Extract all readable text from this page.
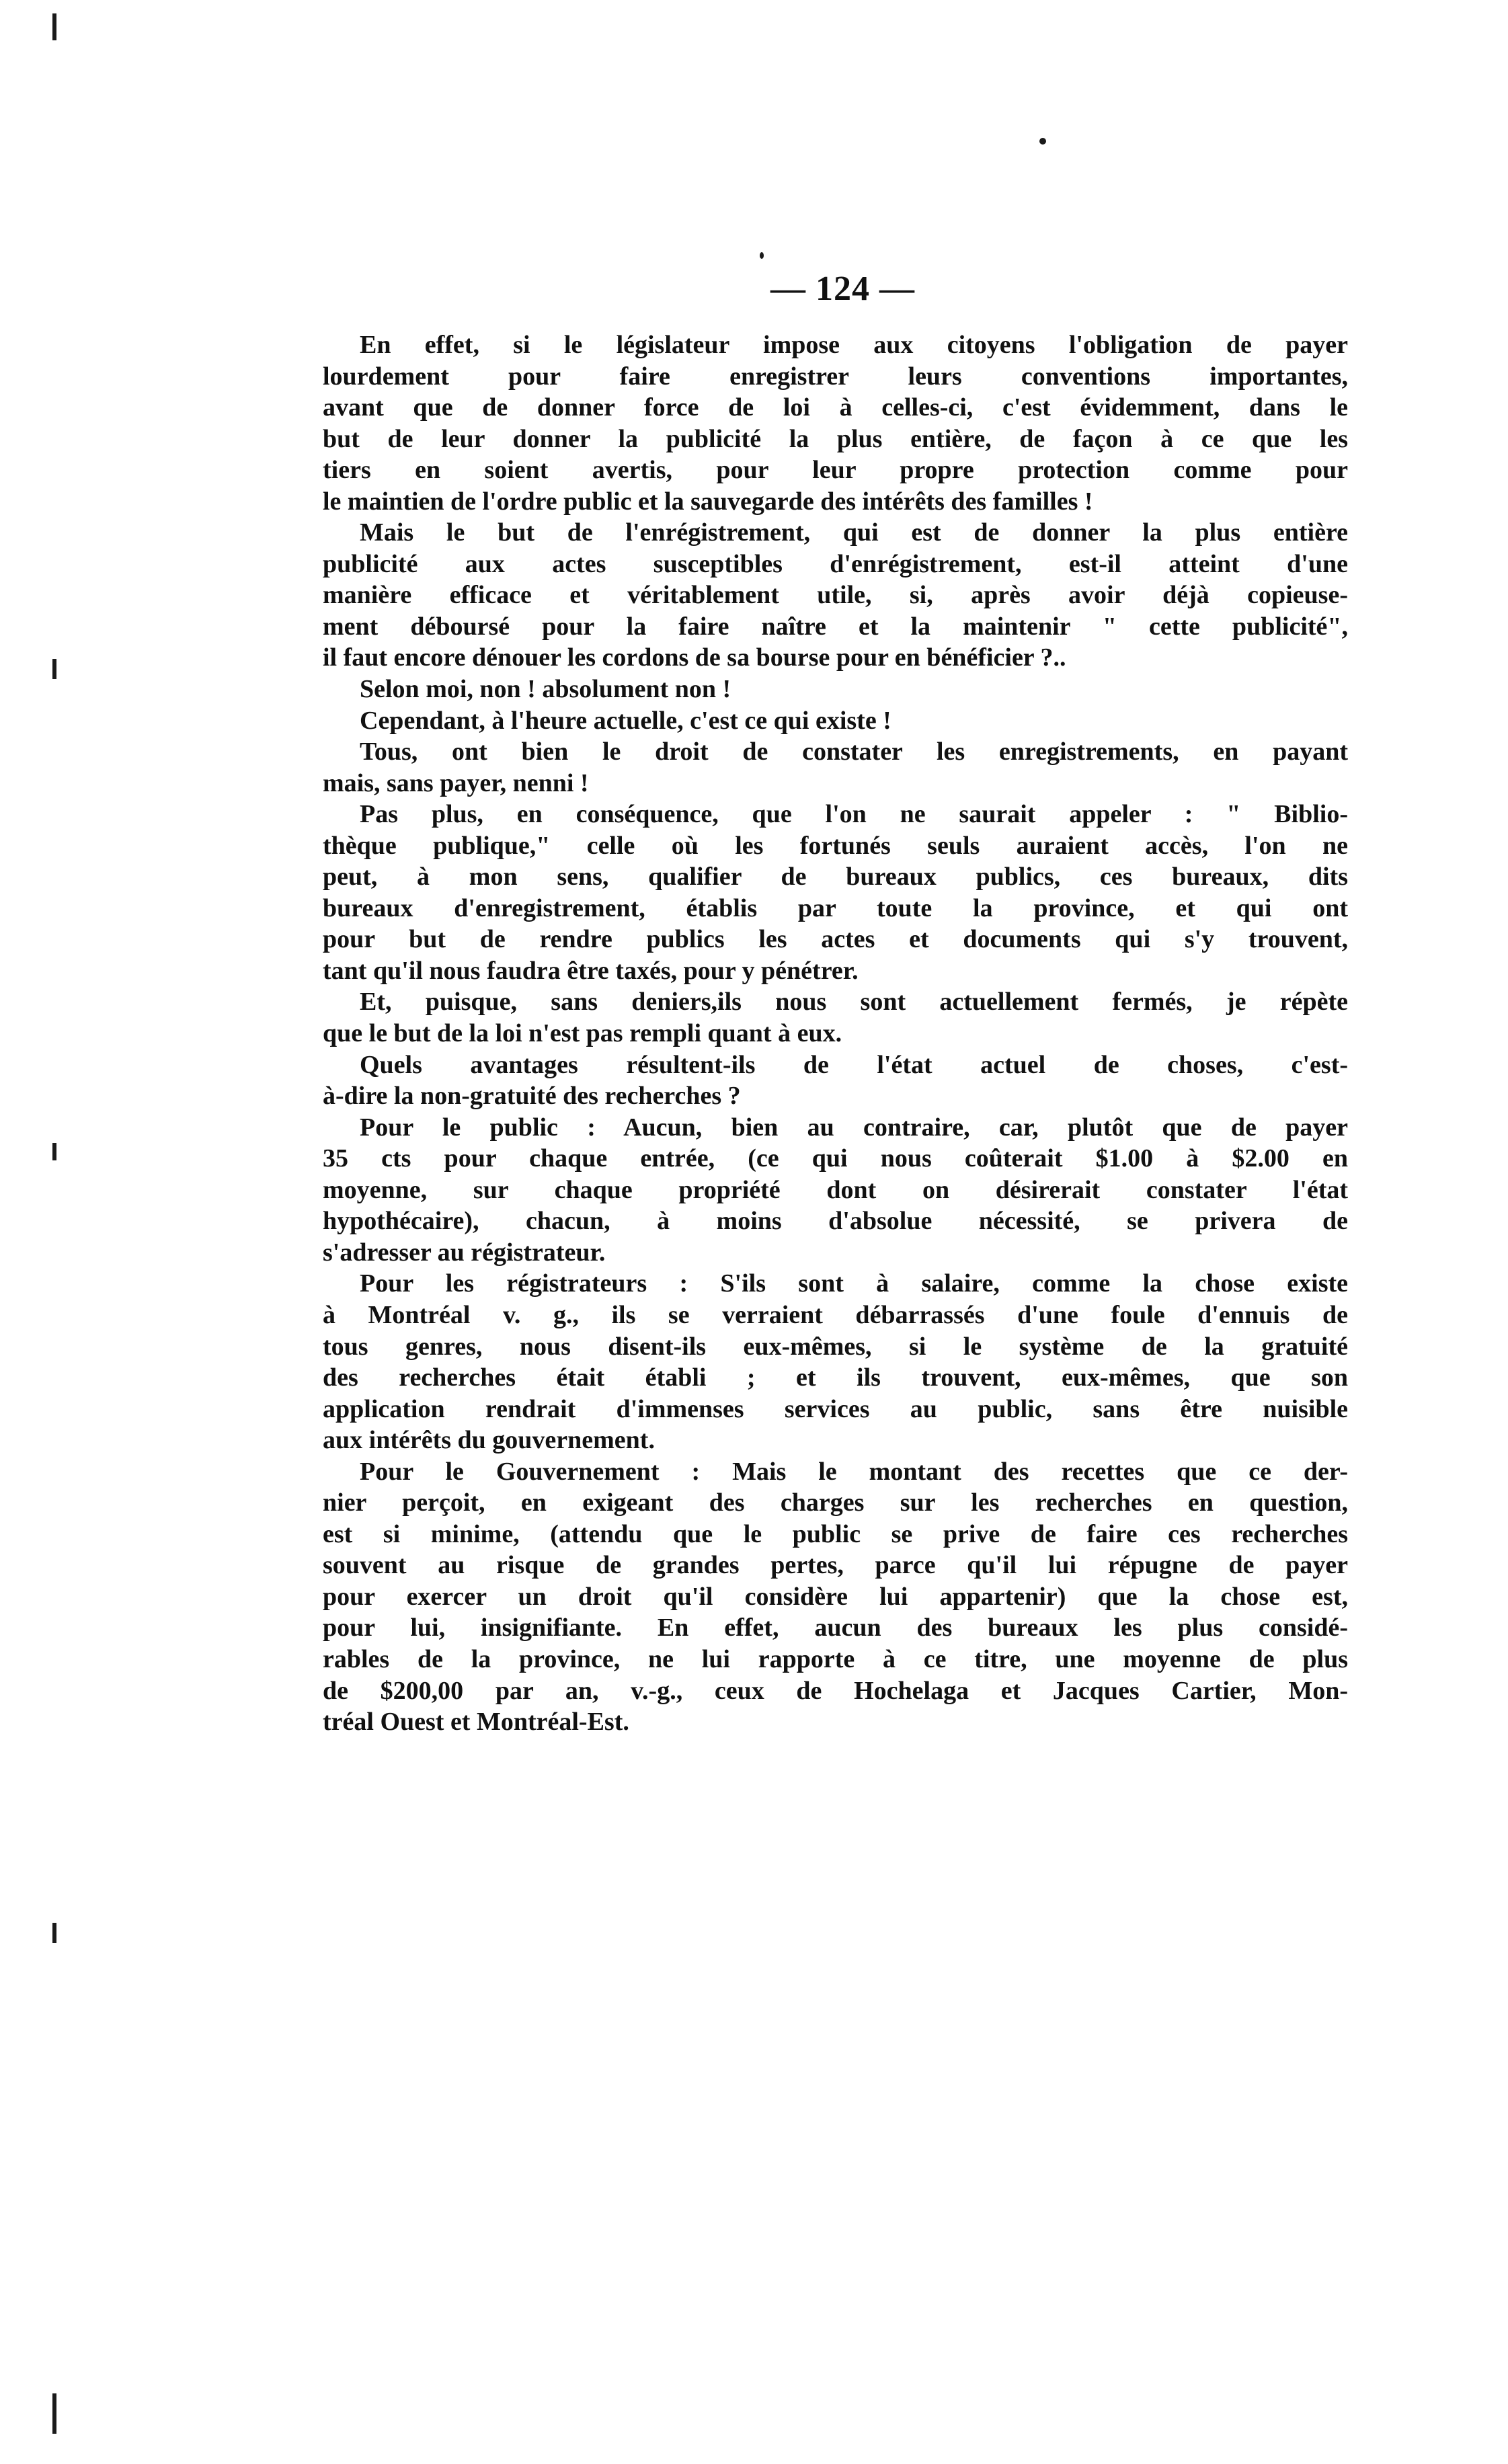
— 124 —
En effet, si le législateur impose aux citoyens l'obligation de payer
lourdement pour faire enregistrer leurs conventions importantes,
avant que de donner force de loi à celles-ci, c'est évidemment, dans le
but de leur donner la publicité la plus entière, de façon à ce que les
tiers en soient avertis, pour leur propre protection comme pour
le maintien de l'ordre public et la sauvegarde des intérêts des familles !
Mais le but de l'enrégistrement, qui est de donner la plus entière
publicité aux actes susceptibles d'enrégistrement, est-il atteint d'une
manière efficace et véritablement utile, si, après avoir déjà copieuse-
ment déboursé pour la faire naître et la maintenir " cette publicité",
il faut encore dénouer les cordons de sa bourse pour en bénéficier ?..
Selon moi, non ! absolument non !
Cependant, à l'heure actuelle, c'est ce qui existe !
Tous, ont bien le droit de constater les enregistrements, en payant
mais, sans payer, nenni !
Pas plus, en conséquence, que l'on ne saurait appeler : " Biblio-
thèque publique," celle où les fortunés seuls auraient accès, l'on ne
peut, à mon sens, qualifier de bureaux publics, ces bureaux, dits
bureaux d'enregistrement, établis par toute la province, et qui ont
pour but de rendre publics les actes et documents qui s'y trouvent,
tant qu'il nous faudra être taxés, pour y pénétrer.
Et, puisque, sans deniers,ils nous sont actuellement fermés, je répète
que le but de la loi n'est pas rempli quant à eux.
Quels avantages résultent-ils de l'état actuel de choses, c'est-
à-dire la non-gratuité des recherches ?
Pour le public : Aucun, bien au contraire, car, plutôt que de payer
35 cts pour chaque entrée, (ce qui nous coûterait $1.00 à $2.00 en
moyenne, sur chaque propriété dont on désirerait constater l'état
hypothécaire), chacun, à moins d'absolue nécessité, se privera de
s'adresser au régistrateur.
Pour les régistrateurs : S'ils sont à salaire, comme la chose existe
à Montréal v. g., ils se verraient débarrassés d'une foule d'ennuis de
tous genres, nous disent-ils eux-mêmes, si le système de la gratuité
des recherches était établi ; et ils trouvent, eux-mêmes, que son
application rendrait d'immenses services au public, sans être nuisible
aux intérêts du gouvernement.
Pour le Gouvernement : Mais le montant des recettes que ce der-
nier perçoit, en exigeant des charges sur les recherches en question,
est si minime, (attendu que le public se prive de faire ces recherches
souvent au risque de grandes pertes, parce qu'il lui répugne de payer
pour exercer un droit qu'il considère lui appartenir) que la chose est,
pour lui, insignifiante. En effet, aucun des bureaux les plus considé-
rables de la province, ne lui rapporte à ce titre, une moyenne de plus
de $200,00 par an, v.-g., ceux de Hochelaga et Jacques Cartier, Mon-
tréal Ouest et Montréal-Est.
